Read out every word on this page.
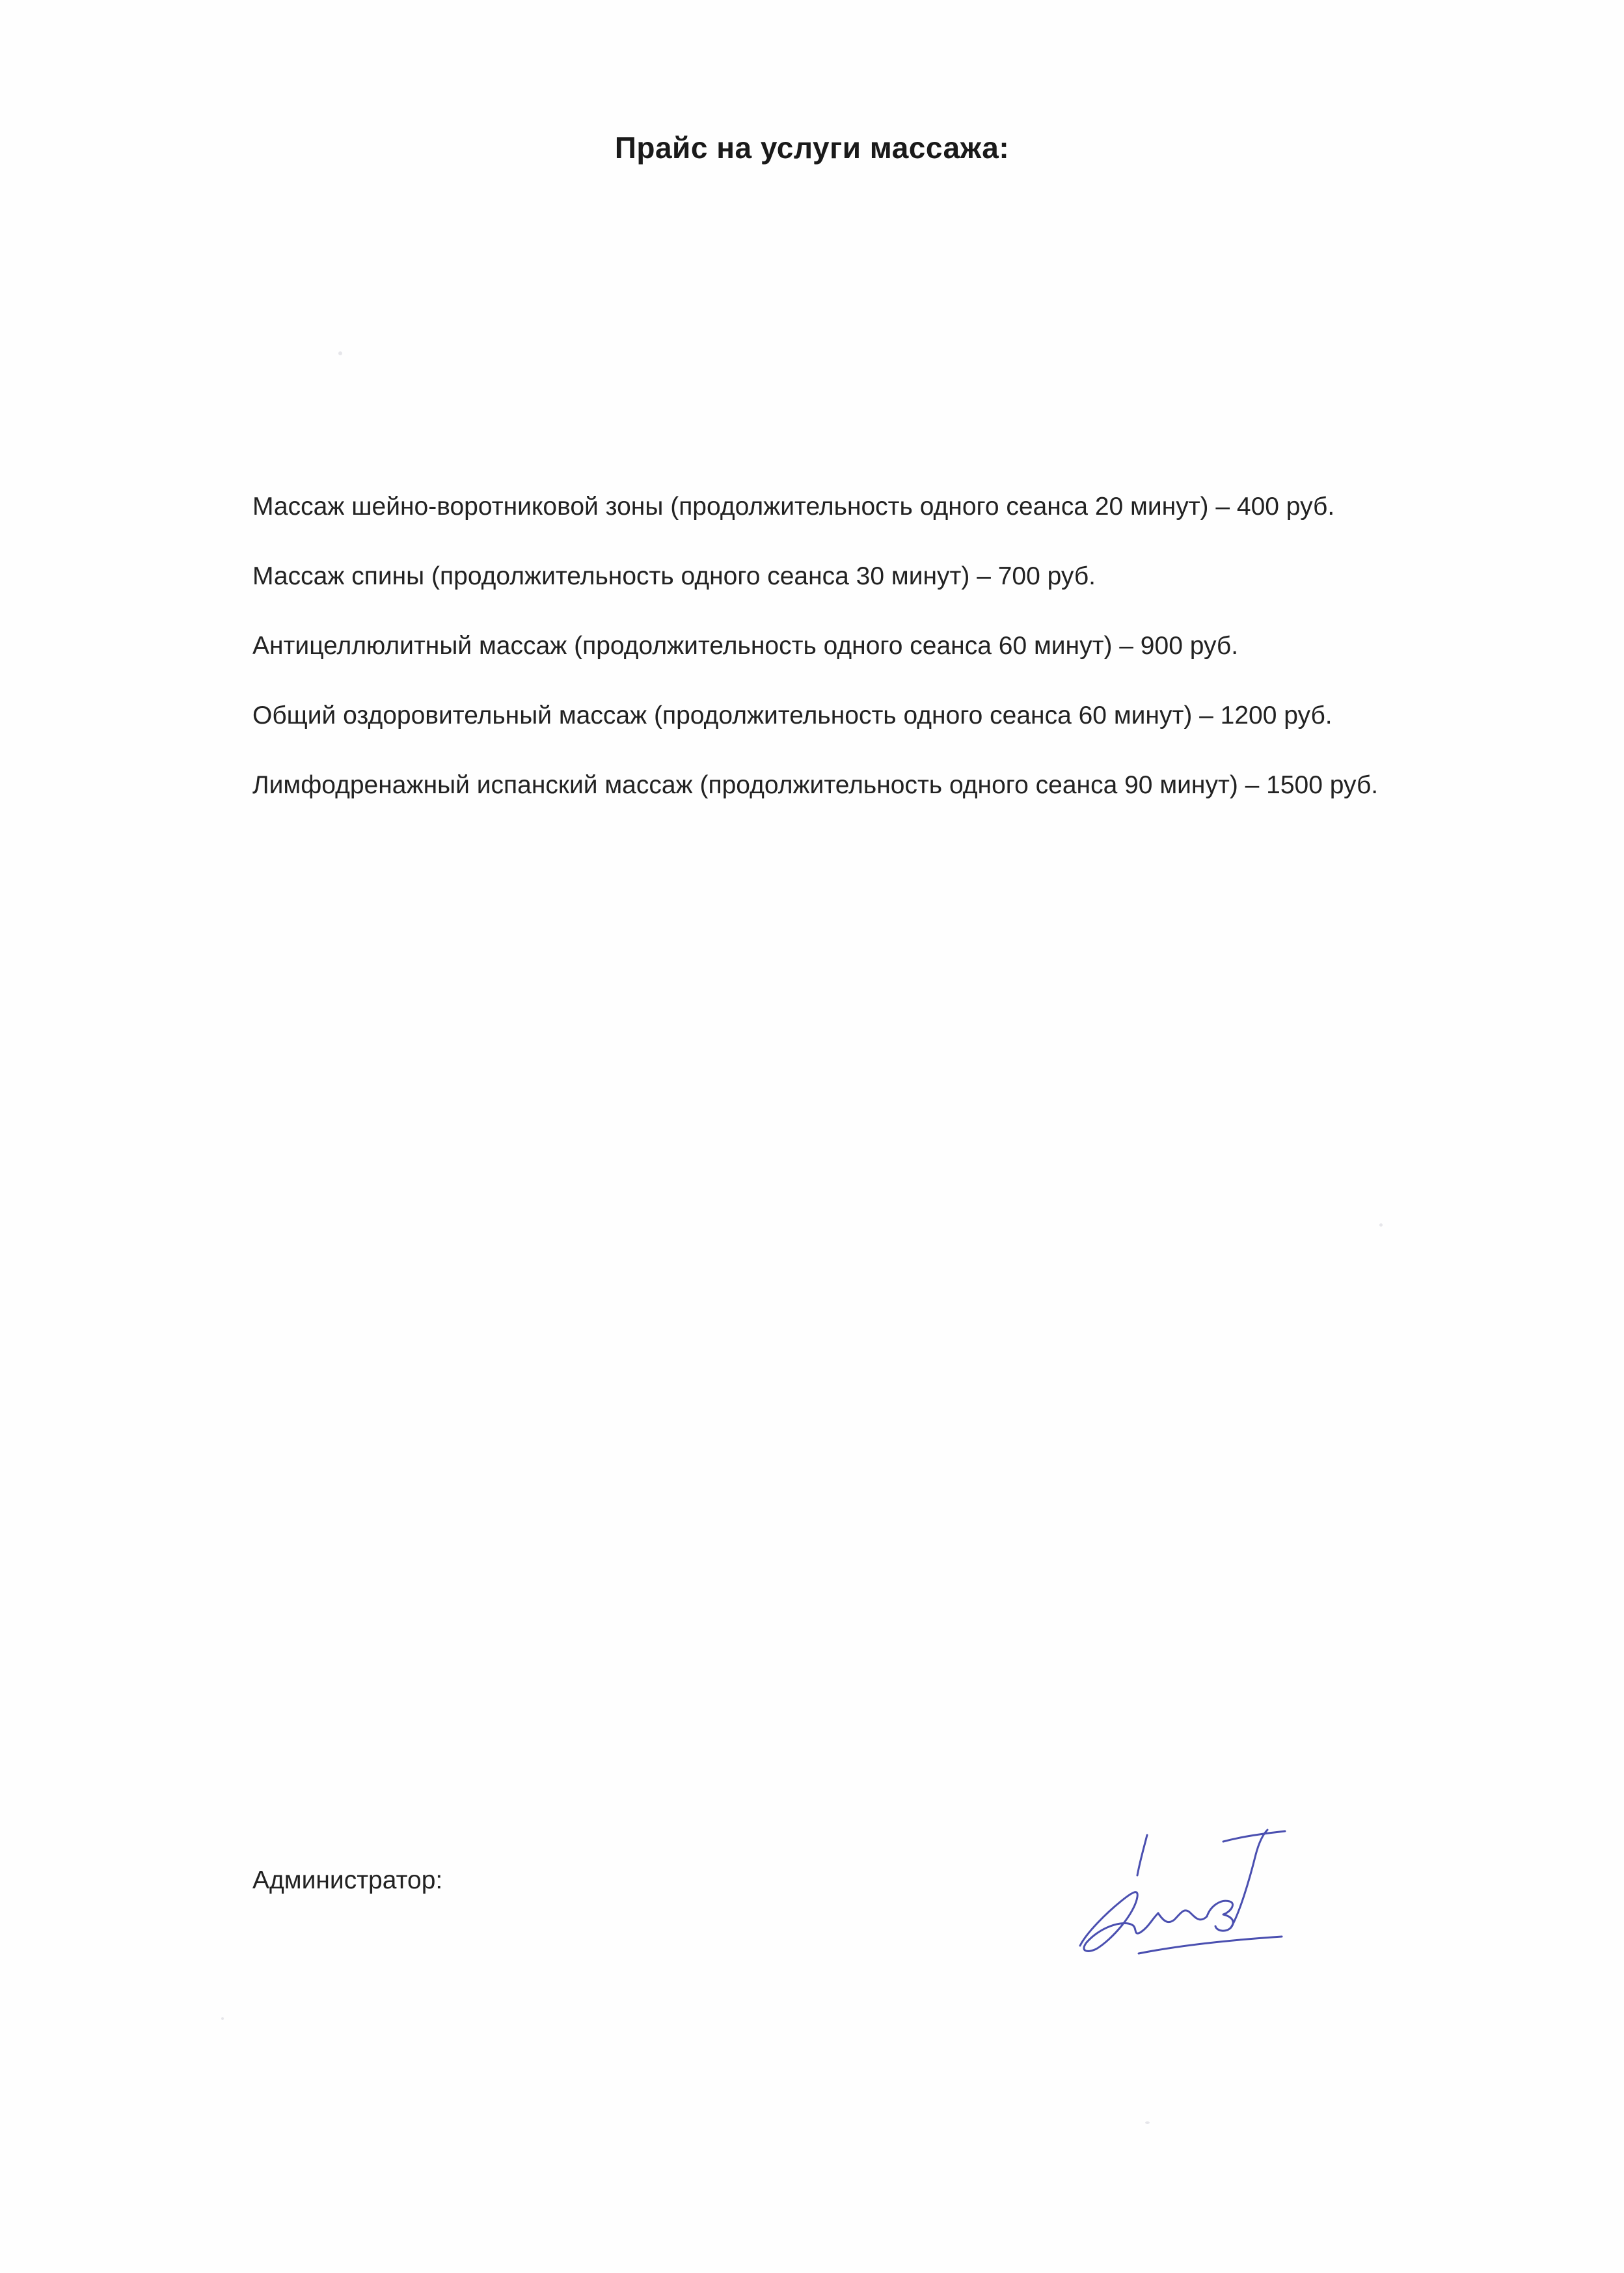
Прайс на услуги массажа:
Массаж шейно-воротниковой зоны (продолжительность одного сеанса 20 минут) – 400 руб.
Массаж спины (продолжительность одного сеанса 30 минут) – 700 руб.
Антицеллюлитный массаж (продолжительность одного сеанса 60 минут) – 900 руб.
Общий оздоровительный массаж (продолжительность одного сеанса 60 минут) – 1200 руб.
Лимфодренажный испанский массаж (продолжительность одного сеанса 90 минут) – 1500 руб.
Администратор:
